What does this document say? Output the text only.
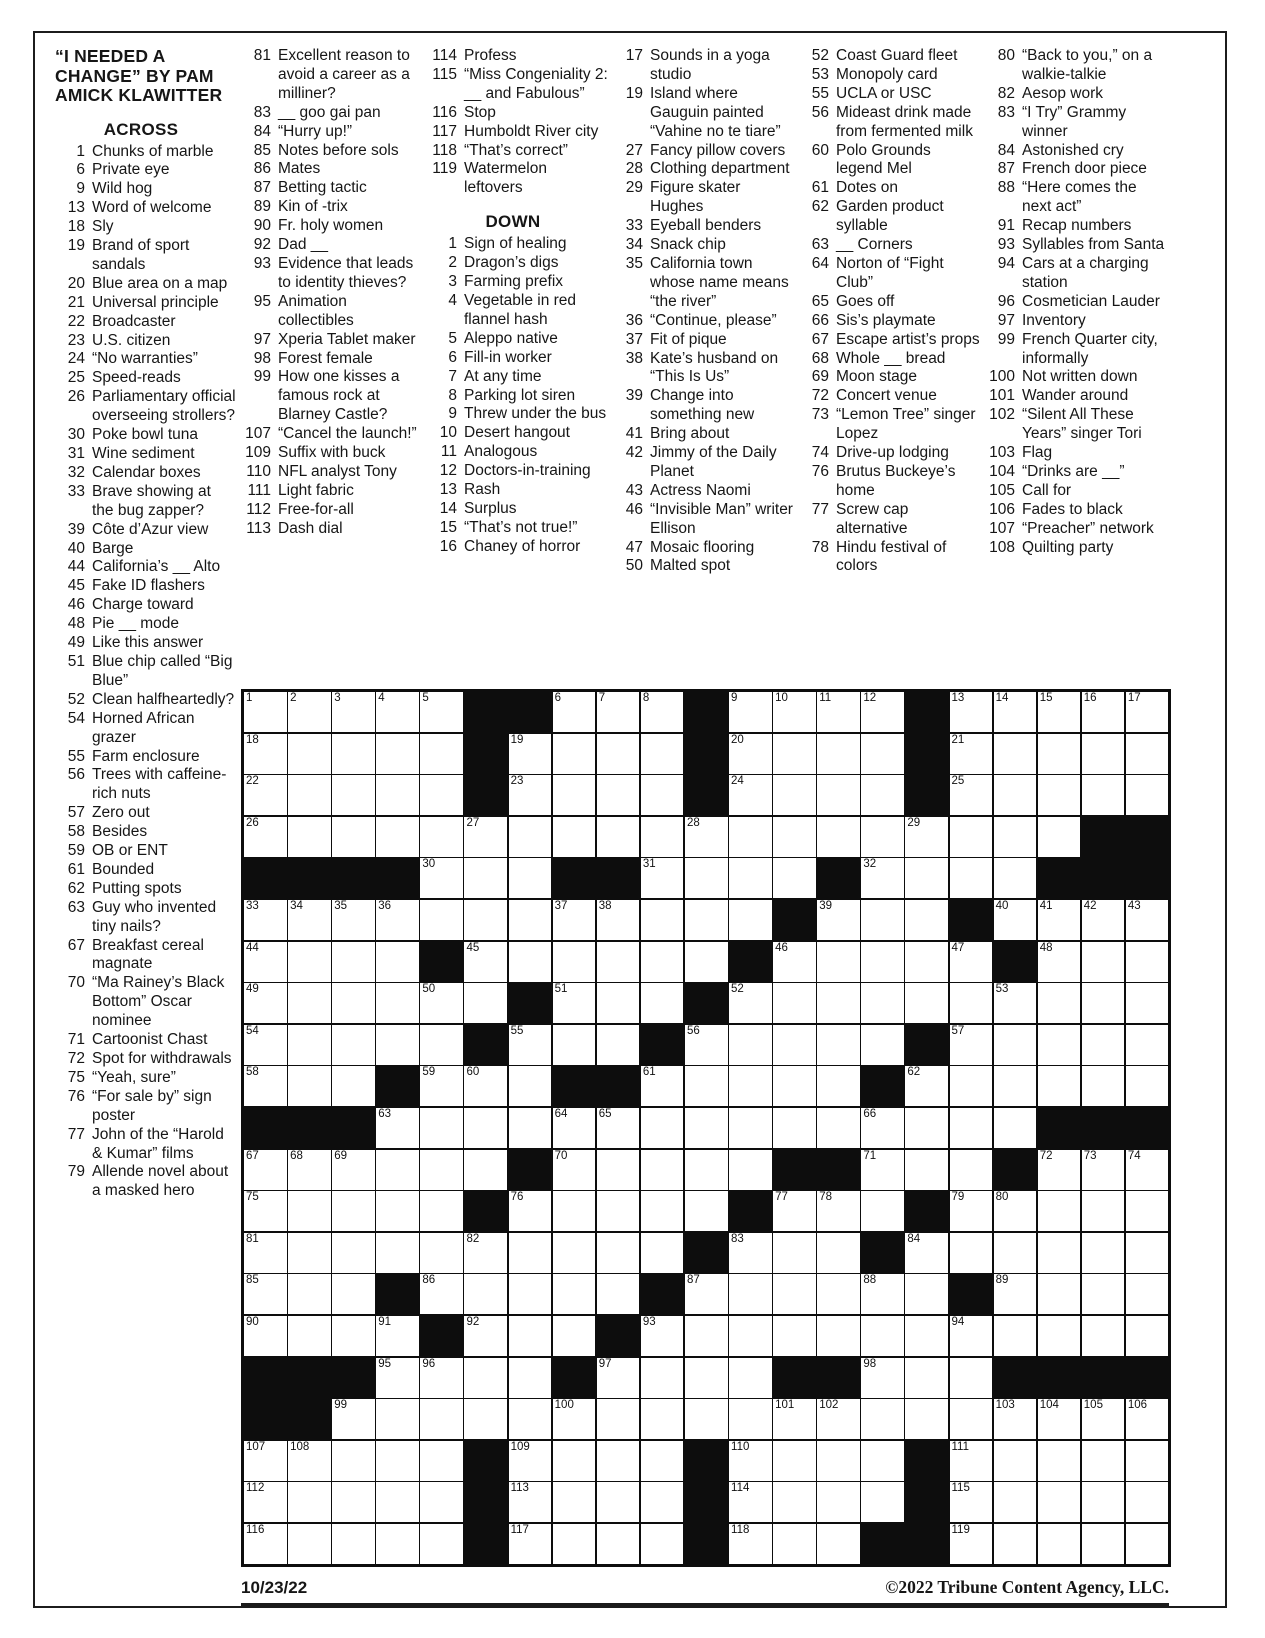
“I NEEDED A CHANGE” BY PAM AMICK KLAWITTER
ACROSS
1 Chunks of marble
6 Private eye
9 Wild hog
13 Word of welcome
18 Sly
19 Brand of sport sandals
20 Blue area on a map
21 Universal principle
22 Broadcaster
23 U.S. citizen
24 “No warranties”
25 Speed-reads
26 Parliamentary official overseeing strollers?
30 Poke bowl tuna
31 Wine sediment
32 Calendar boxes
33 Brave showing at the bug zapper?
39 Côte d’Azur view
40 Barge
44 California’s __ Alto
45 Fake ID flashers
46 Charge toward
48 Pie __ mode
49 Like this answer
51 Blue chip called “Big Blue”
52 Clean halfheartedly?
54 Horned African grazer
55 Farm enclosure
56 Trees with caffeine-rich nuts
57 Zero out
58 Besides
59 OB or ENT
61 Bounded
62 Putting spots
63 Guy who invented tiny nails?
67 Breakfast cereal magnate
70 “Ma Rainey’s Black Bottom” Oscar nominee
71 Cartoonist Chast
72 Spot for withdrawals
75 “Yeah, sure”
76 “For sale by” sign poster
77 John of the “Harold & Kumar” films
79 Allende novel about a masked hero
81 Excellent reason to avoid a career as a milliner?
83 __ goo gai pan
84 “Hurry up!”
85 Notes before sols
86 Mates
87 Betting tactic
89 Kin of -trix
90 Fr. holy women
92 Dad __
93 Evidence that leads to identity thieves?
95 Animation collectibles
97 Xperia Tablet maker
98 Forest female
99 How one kisses a famous rock at Blarney Castle?
107 “Cancel the launch!”
109 Suffix with buck
110 NFL analyst Tony
111 Light fabric
112 Free-for-all
113 Dash dial
114 Profess
115 “Miss Congeniality 2: __ and Fabulous”
116 Stop
117 Humboldt River city
118 “That’s correct”
119 Watermelon leftovers
DOWN
1 Sign of healing
2 Dragon’s digs
3 Farming prefix
4 Vegetable in red flannel hash
5 Aleppo native
6 Fill-in worker
7 At any time
8 Parking lot siren
9 Threw under the bus
10 Desert hangout
11 Analogous
12 Doctors-in-training
13 Rash
14 Surplus
15 “That’s not true!”
16 Chaney of horror
17 Sounds in a yoga studio
19 Island where Gauguin painted “Vahine no te tiare”
27 Fancy pillow covers
28 Clothing department
29 Figure skater Hughes
33 Eyeball benders
34 Snack chip
35 California town whose name means “the river”
36 “Continue, please”
37 Fit of pique
38 Kate’s husband on “This Is Us”
39 Change into something new
41 Bring about
42 Jimmy of the Daily Planet
43 Actress Naomi
46 “Invisible Man” writer Ellison
47 Mosaic flooring
50 Malted spot
52 Coast Guard fleet
53 Monopoly card
55 UCLA or USC
56 Mideast drink made from fermented milk
60 Polo Grounds legend Mel
61 Dotes on
62 Garden product syllable
63 __ Corners
64 Norton of “Fight Club”
65 Goes off
66 Sis’s playmate
67 Escape artist’s props
68 Whole __ bread
69 Moon stage
72 Concert venue
73 “Lemon Tree” singer Lopez
74 Drive-up lodging
76 Brutus Buckeye’s home
77 Screw cap alternative
78 Hindu festival of colors
80 “Back to you,” on a walkie-talkie
82 Aesop work
83 “I Try” Grammy winner
84 Astonished cry
87 French door piece
88 “Here comes the next act”
91 Recap numbers
93 Syllables from Santa
94 Cars at a charging station
96 Cosmetician Lauder
97 Inventory
99 French Quarter city, informally
100 Not written down
101 Wander around
102 “Silent All These Years” singer Tori
103 Flag
104 “Drinks are __”
105 Call for
106 Fades to black
107 “Preacher” network
108 Quilting party
1	2	3	4	5	6	7	8	9	10	11	12	13	14	15	16	17
18	19	20	21
22	23	24	25
26	27	28	29
30	31	32
33	34	35	36	37	38	39	40	41	42	43
44	45	46	47	48
49	50	51	52	53
54	55	56	57
58	59	60	61	62
63	64	65	66
67	68	69	70	71	72	73	74
75	76	77	78	79	80
81	82	83	84
85	86	87	88	89
90	91	92	93	94
95	96	97	98
99	100	101 102	103 104 105 106
107 108	109	110	111
112	113	114	115
116	117	118	119
10/23/22	©2022 Tribune Content Agency, LLC.
